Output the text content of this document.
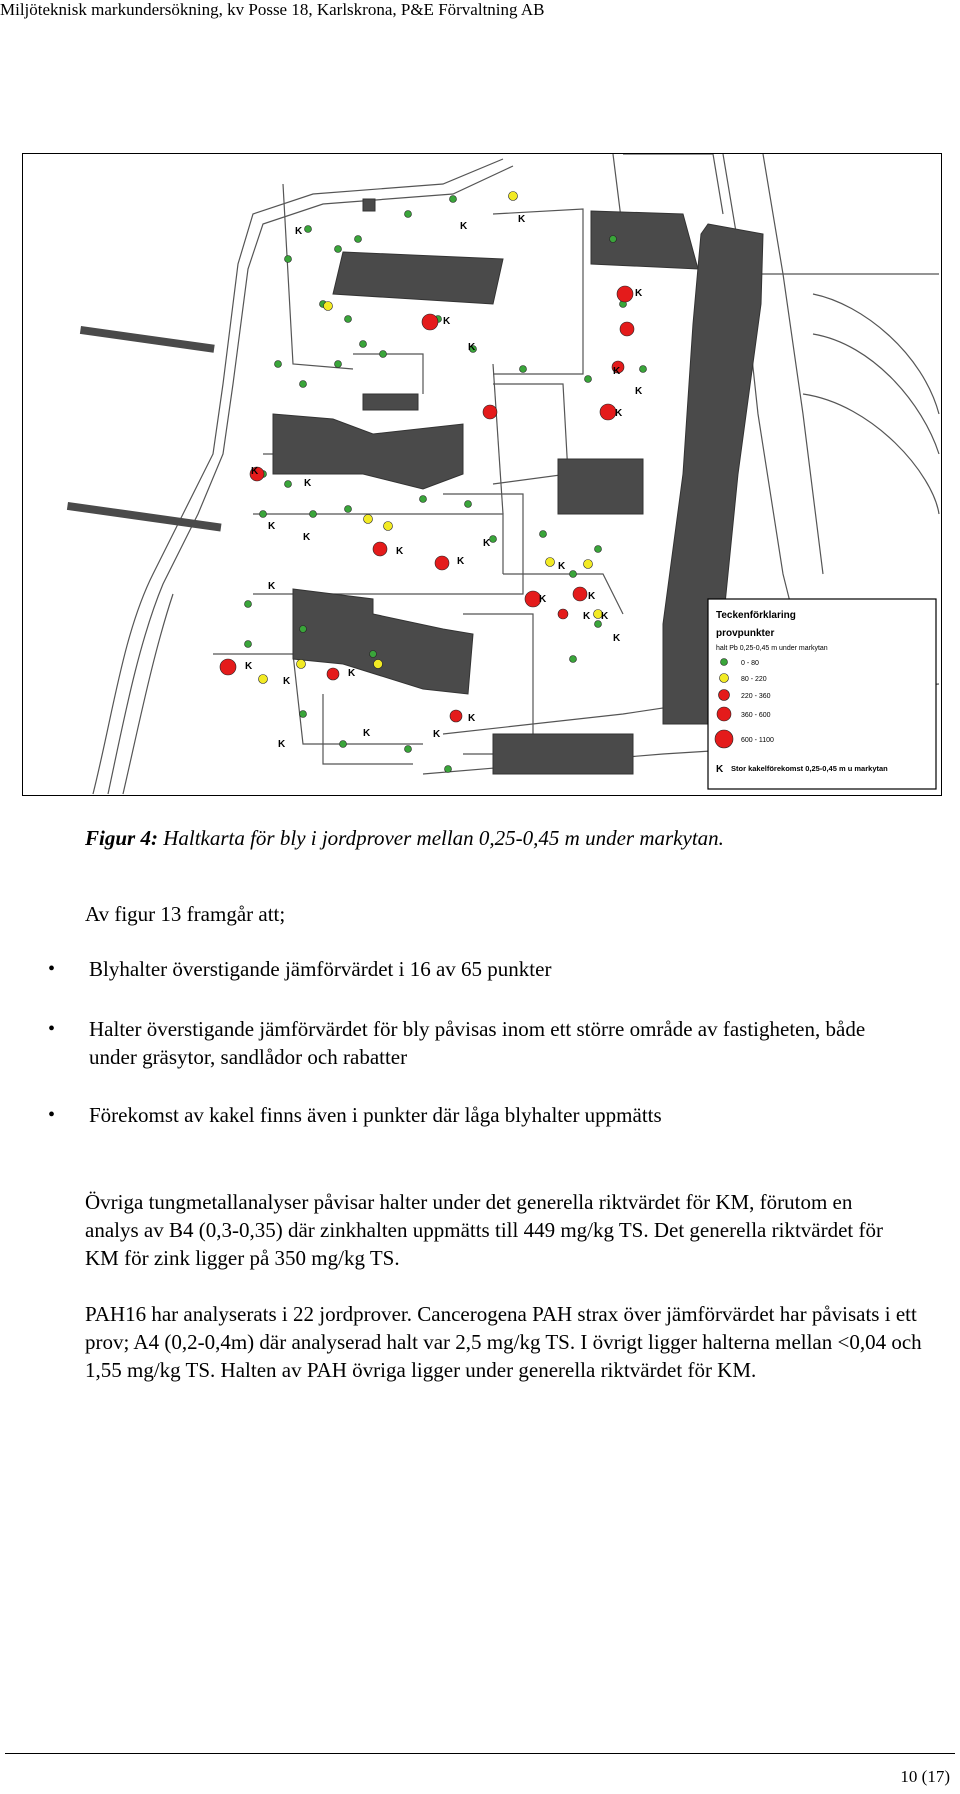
Miljöteknisk markundersökning, kv Posse 18, Karlskrona, P&E Förvaltning AB
K
K
K
K
K
K
K
K
K
K
K
K
K
K
K
K
K
K
K
K
K K
K
K
K
K
K
K	K
K
Teckenförklaring
provpunkter
halt Pb 0,25-0,45 m under markytan
0 - 80
80 - 220
220 - 360
360 - 600
600 - 1100
K Stor kakelförekomst 0,25-0,45 m u markytan
Figur 4: Haltkarta för bly i jordprover mellan 0,25-0,45 m under markytan.
Av figur 13 framgår att;
• Blyhalter överstigande jämförvärdet i 16 av 65 punkter
• Halter överstigande jämförvärdet för bly påvisas inom ett större område av fastigheten, både under gräsytor, sandlådor och rabatter
• Förekomst av kakel finns även i punkter där låga blyhalter uppmätts
Övriga tungmetallanalyser påvisar halter under det generella riktvärdet för KM, förutom en analys av B4 (0,3-0,35) där zinkhalten uppmätts till 449 mg/kg TS. Det generella riktvärdet för KM för zink ligger på 350 mg/kg TS.
PAH16 har analyserats i 22 jordprover. Cancerogena PAH strax över jämförvärdet har påvisats i ett prov; A4 (0,2-0,4m) där analyserad halt var 2,5 mg/kg TS. I övrigt ligger halterna mellan <0,04 och 1,55 mg/kg TS. Halten av PAH övriga ligger under generella riktvärdet för KM.
10 (17)
